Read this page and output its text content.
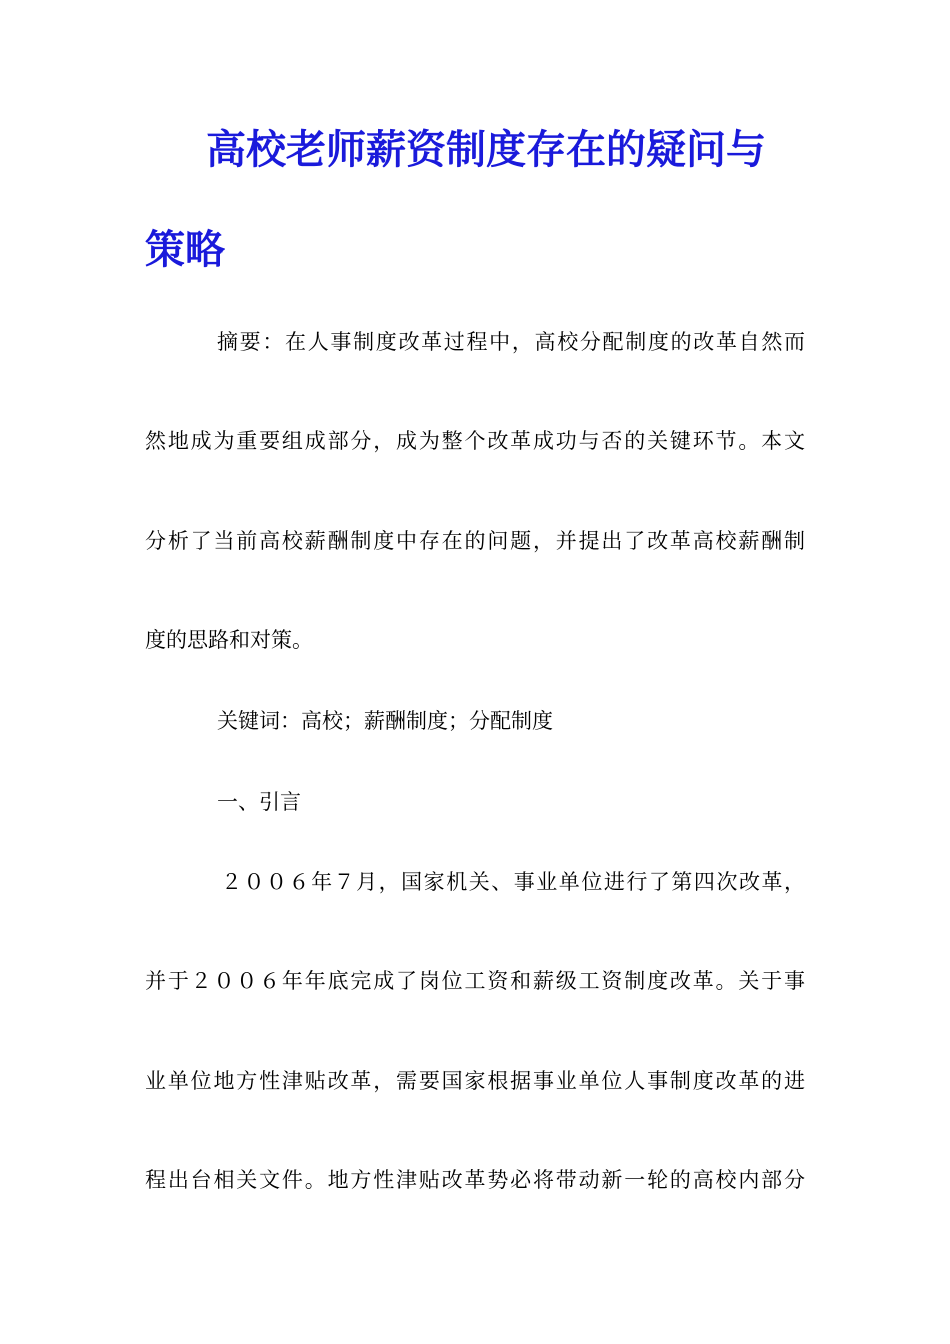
高校老师薪资制度存在的疑问与
策略

摘要：在人事制度改革过程中，高校分配制度的改革自然而

然地成为重要组成部分，成为整个改革成功与否的关键环节。本文

分析了当前高校薪酬制度中存在的问题，并提出了改革高校薪酬制

度的思路和对策。

关键词：高校；薪酬制度；分配制度

一、引言

２００６年７月，国家机关、事业单位进行了第四次改革，

并于２００６年年底完成了岗位工资和薪级工资制度改革。关于事

业单位地方性津贴改革，需要国家根据事业单位人事制度改革的进

程出台相关文件。地方性津贴改革势必将带动新一轮的高校内部分
